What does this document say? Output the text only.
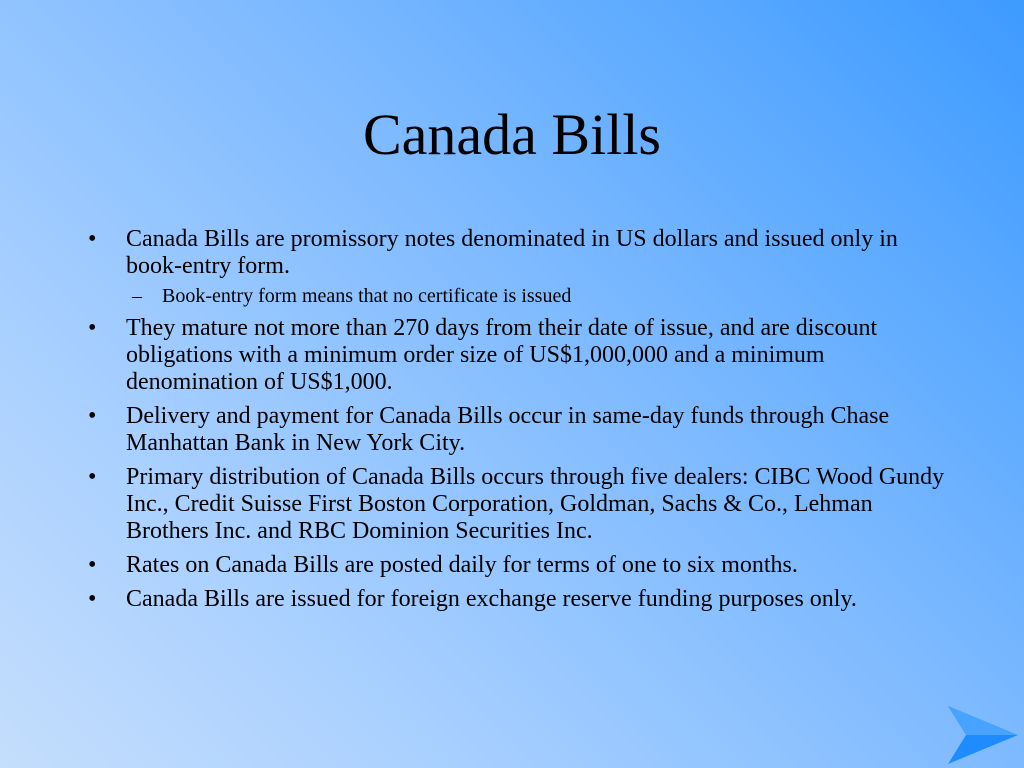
Canada Bills
• Canada Bills are promissory notes denominated in US dollars and issued only in book-entry form.
– Book-entry form means that no certificate is issued
• They mature not more than 270 days from their date of issue, and are discount obligations with a minimum order size of US$1,000,000 and a minimum denomination of US$1,000.
• Delivery and payment for Canada Bills occur in same-day funds through Chase Manhattan Bank in New York City.
• Primary distribution of Canada Bills occurs through five dealers: CIBC Wood Gundy Inc., Credit Suisse First Boston Corporation, Goldman, Sachs & Co., Lehman Brothers Inc. and RBC Dominion Securities Inc.
• Rates on Canada Bills are posted daily for terms of one to six months.
• Canada Bills are issued for foreign exchange reserve funding purposes only.
